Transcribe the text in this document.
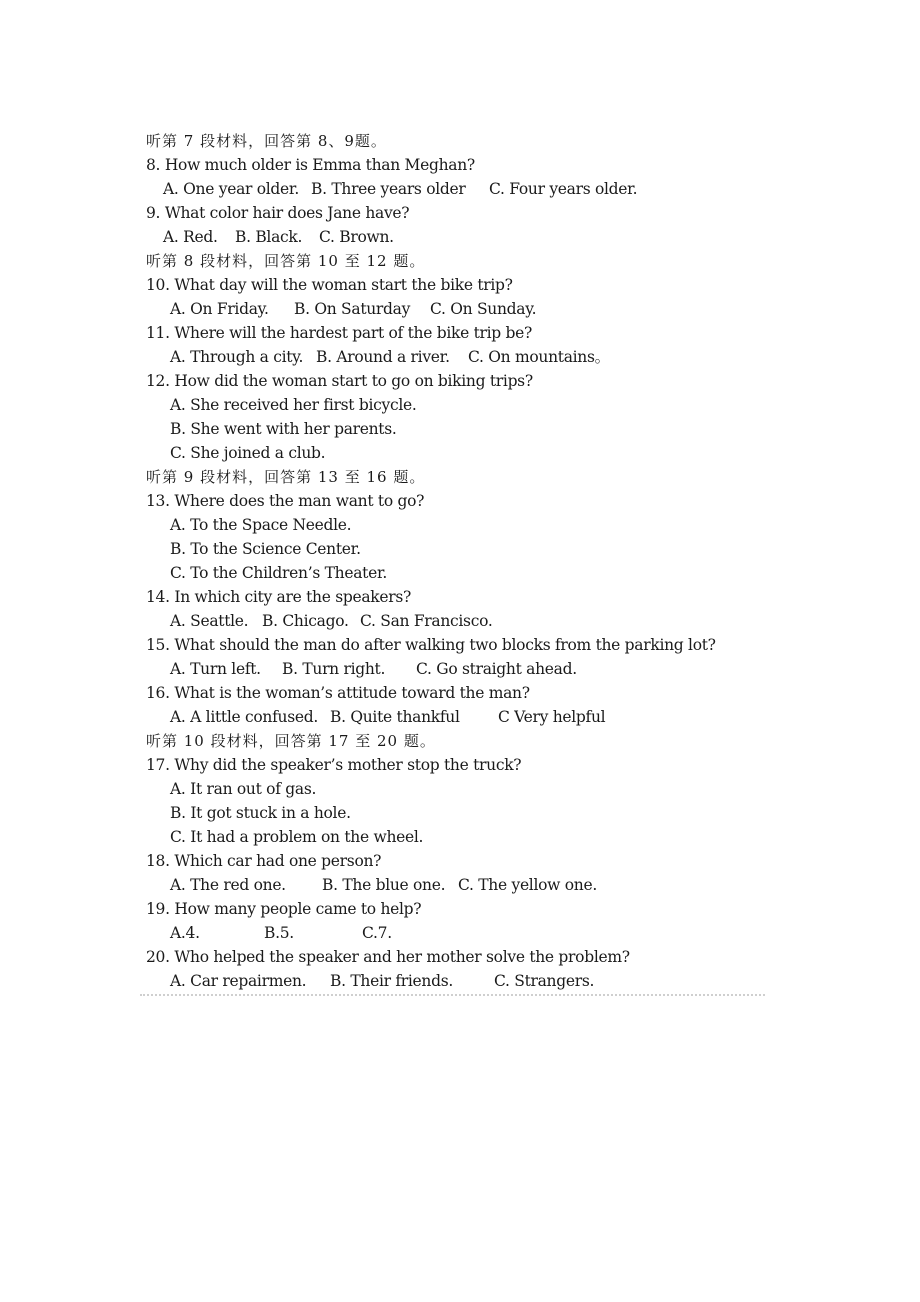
听第 7 段材料，回答第 8、9题。
8. How much older is Emma than Meghan?
A. One year older. B. Three years older C. Four years older.
9. What color hair does Jane have?
A. Red. B. Black. C. Brown.
听第 8 段材料，回答第 10 至 12 题。
10. What day will the woman start the bike trip?
A. On Friday. B. On Saturday C. On Sunday.
11. Where will the hardest part of the bike trip be?
A. Through a city. B. Around a river. C. On mountains。
12. How did the woman start to go on biking trips?
A. She received her first bicycle.
B. She went with her parents.
C. She joined a club.
听第 9 段材料，回答第 13 至 16 题。
13. Where does the man want to go?
A. To the Space Needle.
B. To the Science Center.
C. To the Children’s Theater.
14. In which city are the speakers?
A. Seattle. B. Chicago. C. San Francisco.
15. What should the man do after walking two blocks from the parking lot?
A. Turn left. B. Turn right. C. Go straight ahead.
16. What is the woman’s attitude toward the man?
A. A little confused. B. Quite thankful C Very helpful
听第 10 段材料，回答第 17 至 20 题。
17. Why did the speaker’s mother stop the truck?
A. It ran out of gas.
B. It got stuck in a hole.
C. It had a problem on the wheel.
18. Which car had one person?
A. The red one. B. The blue one. C. The yellow one.
19. How many people came to help?
A.4.	B.5.	C.7.
20. Who helped the speaker and her mother solve the problem?
A. Car repairmen. B. Their friends.	C. Strangers.
